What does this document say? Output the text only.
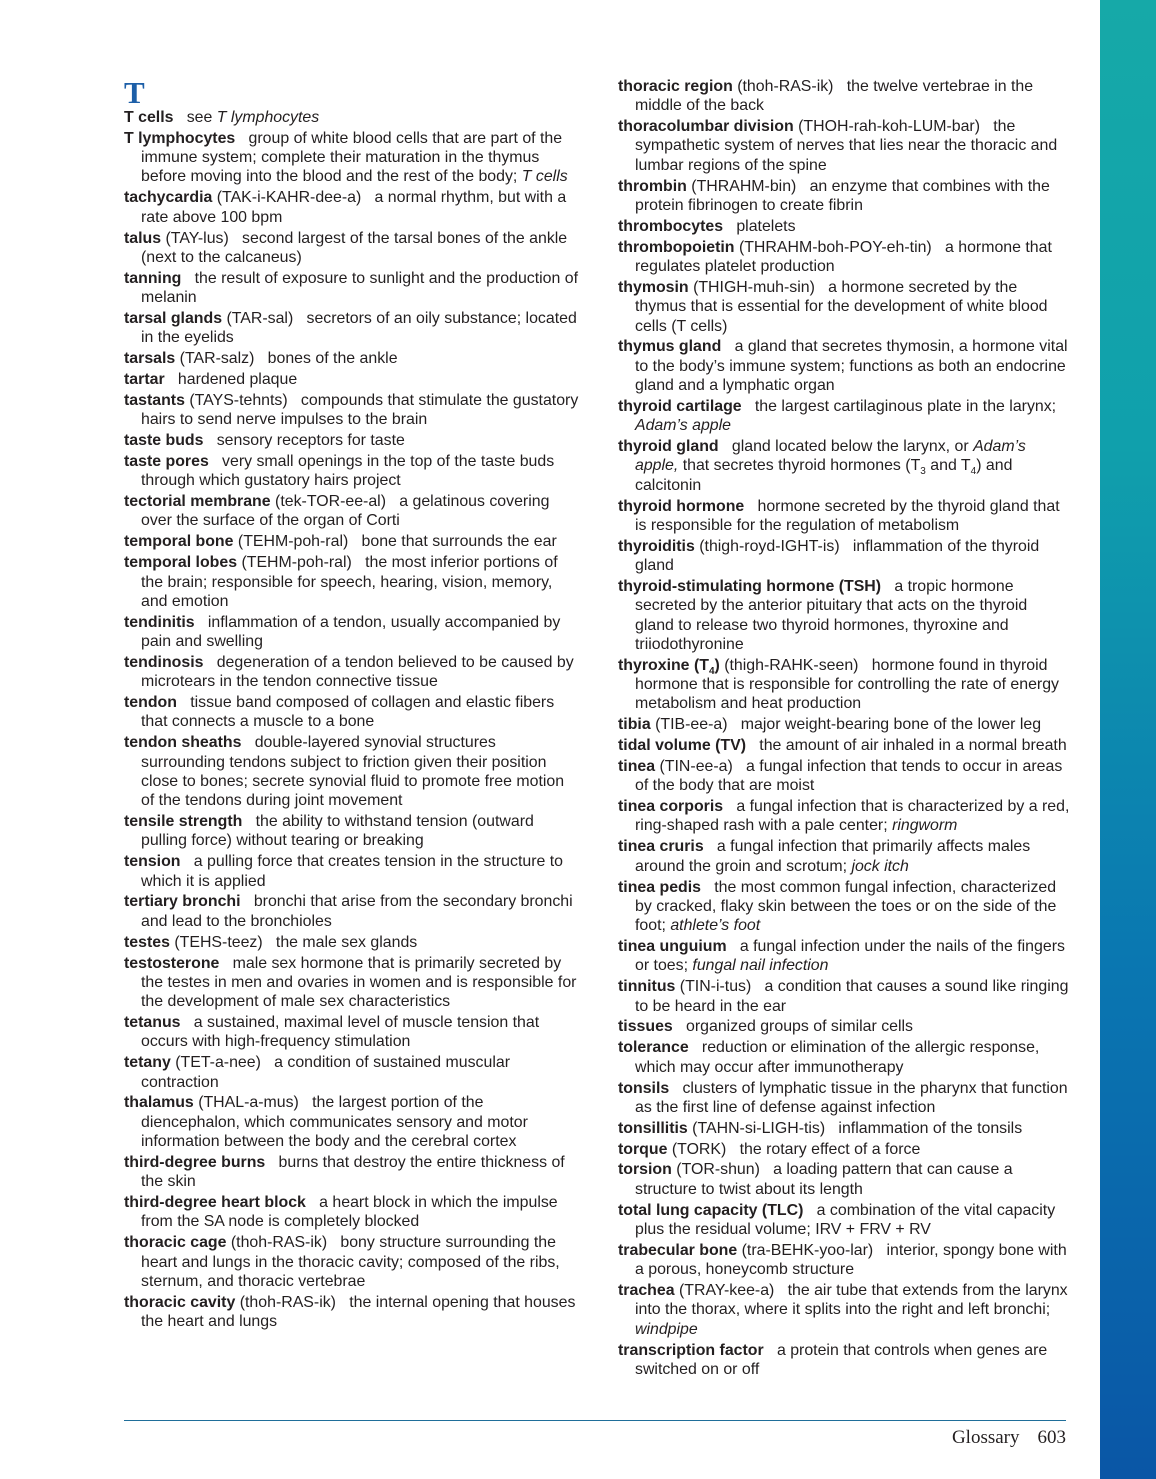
T
T cells see T lymphocytes
T lymphocytes group of white blood cells that are part of the immune system; complete their maturation in the thymus before moving into the blood and the rest of the body; T cells
tachycardia (TAK-i-KAHR-dee-a) a normal rhythm, but with a rate above 100 bpm
talus (TAY-lus) second largest of the tarsal bones of the ankle (next to the calcaneus)
tanning the result of exposure to sunlight and the production of melanin
tarsal glands (TAR-sal) secretors of an oily substance; located in the eyelids
tarsals (TAR-salz) bones of the ankle
tartar hardened plaque
tastants (TAYS-tehnts) compounds that stimulate the gustatory hairs to send nerve impulses to the brain
taste buds sensory receptors for taste
taste pores very small openings in the top of the taste buds through which gustatory hairs project
tectorial membrane (tek-TOR-ee-al) a gelatinous covering over the surface of the organ of Corti
temporal bone (TEHM-poh-ral) bone that surrounds the ear
temporal lobes (TEHM-poh-ral) the most inferior portions of the brain; responsible for speech, hearing, vision, memory, and emotion
tendinitis inflammation of a tendon, usually accompanied by pain and swelling
tendinosis degeneration of a tendon believed to be caused by microtears in the tendon connective tissue
tendon tissue band composed of collagen and elastic fibers that connects a muscle to a bone
tendon sheaths double-layered synovial structures surrounding tendons subject to friction given their position close to bones; secrete synovial fluid to promote free motion of the tendons during joint movement
tensile strength the ability to withstand tension (outward pulling force) without tearing or breaking
tension a pulling force that creates tension in the structure to which it is applied
tertiary bronchi bronchi that arise from the secondary bronchi and lead to the bronchioles
testes (TEHS-teez) the male sex glands
testosterone male sex hormone that is primarily secreted by the testes in men and ovaries in women and is responsible for the development of male sex characteristics
tetanus a sustained, maximal level of muscle tension that occurs with high-frequency stimulation
tetany (TET-a-nee) a condition of sustained muscular contraction
thalamus (THAL-a-mus) the largest portion of the diencephalon, which communicates sensory and motor information between the body and the cerebral cortex
third-degree burns burns that destroy the entire thickness of the skin
third-degree heart block a heart block in which the impulse from the SA node is completely blocked
thoracic cage (thoh-RAS-ik) bony structure surrounding the heart and lungs in the thoracic cavity; composed of the ribs, sternum, and thoracic vertebrae
thoracic cavity (thoh-RAS-ik) the internal opening that houses the heart and lungs
thoracic region (thoh-RAS-ik) the twelve vertebrae in the middle of the back
thoracolumbar division (THOH-rah-koh-LUM-bar) the sympathetic system of nerves that lies near the thoracic and lumbar regions of the spine
thrombin (THRAHM-bin) an enzyme that combines with the protein fibrinogen to create fibrin
thrombocytes platelets
thrombopoietin (THRAHM-boh-POY-eh-tin) a hormone that regulates platelet production
thymosin (THIGH-muh-sin) a hormone secreted by the thymus that is essential for the development of white blood cells (T cells)
thymus gland a gland that secretes thymosin, a hormone vital to the body’s immune system; functions as both an endocrine gland and a lymphatic organ
thyroid cartilage the largest cartilaginous plate in the larynx; Adam’s apple
thyroid gland gland located below the larynx, or Adam’s apple, that secretes thyroid hormones ($T_3$ and $T_4$) and calcitonin
thyroid hormone hormone secreted by the thyroid gland that is responsible for the regulation of metabolism
thyroiditis (thigh-royd-IGHT-is) inflammation of the thyroid gland
thyroid-stimulating hormone (TSH) a tropic hormone secreted by the anterior pituitary that acts on the thyroid gland to release two thyroid hormones, thyroxine and triiodothyronine
thyroxine $(T_4)$ (thigh-RAHK-seen) hormone found in thyroid hormone that is responsible for controlling the rate of energy metabolism and heat production
tibia (TIB-ee-a) major weight-bearing bone of the lower leg
tidal volume (TV) the amount of air inhaled in a normal breath
tinea (TIN-ee-a) a fungal infection that tends to occur in areas of the body that are moist
tinea corporis a fungal infection that is characterized by a red, ring-shaped rash with a pale center; ringworm
tinea cruris a fungal infection that primarily affects males around the groin and scrotum; jock itch
tinea pedis the most common fungal infection, characterized by cracked, flaky skin between the toes or on the side of the foot; athlete’s foot
tinea unguium a fungal infection under the nails of the fingers or toes; fungal nail infection
tinnitus (TIN-i-tus) a condition that causes a sound like ringing to be heard in the ear
tissues organized groups of similar cells
tolerance reduction or elimination of the allergic response, which may occur after immunotherapy
tonsils clusters of lymphatic tissue in the pharynx that function as the first line of defense against infection
tonsillitis (TAHN-si-LIGH-tis) inflammation of the tonsils
torque (TORK) the rotary effect of a force
torsion (TOR-shun) a loading pattern that can cause a structure to twist about its length
total lung capacity (TLC) a combination of the vital capacity plus the residual volume; IRV + FRV + RV
trabecular bone (tra-BEHK-yoo-lar) interior, spongy bone with a porous, honeycomb structure
trachea (TRAY-kee-a) the air tube that extends from the larynx into the thorax, where it splits into the right and left bronchi; windpipe
transcription factor a protein that controls when genes are switched on or off
Glossary 603
